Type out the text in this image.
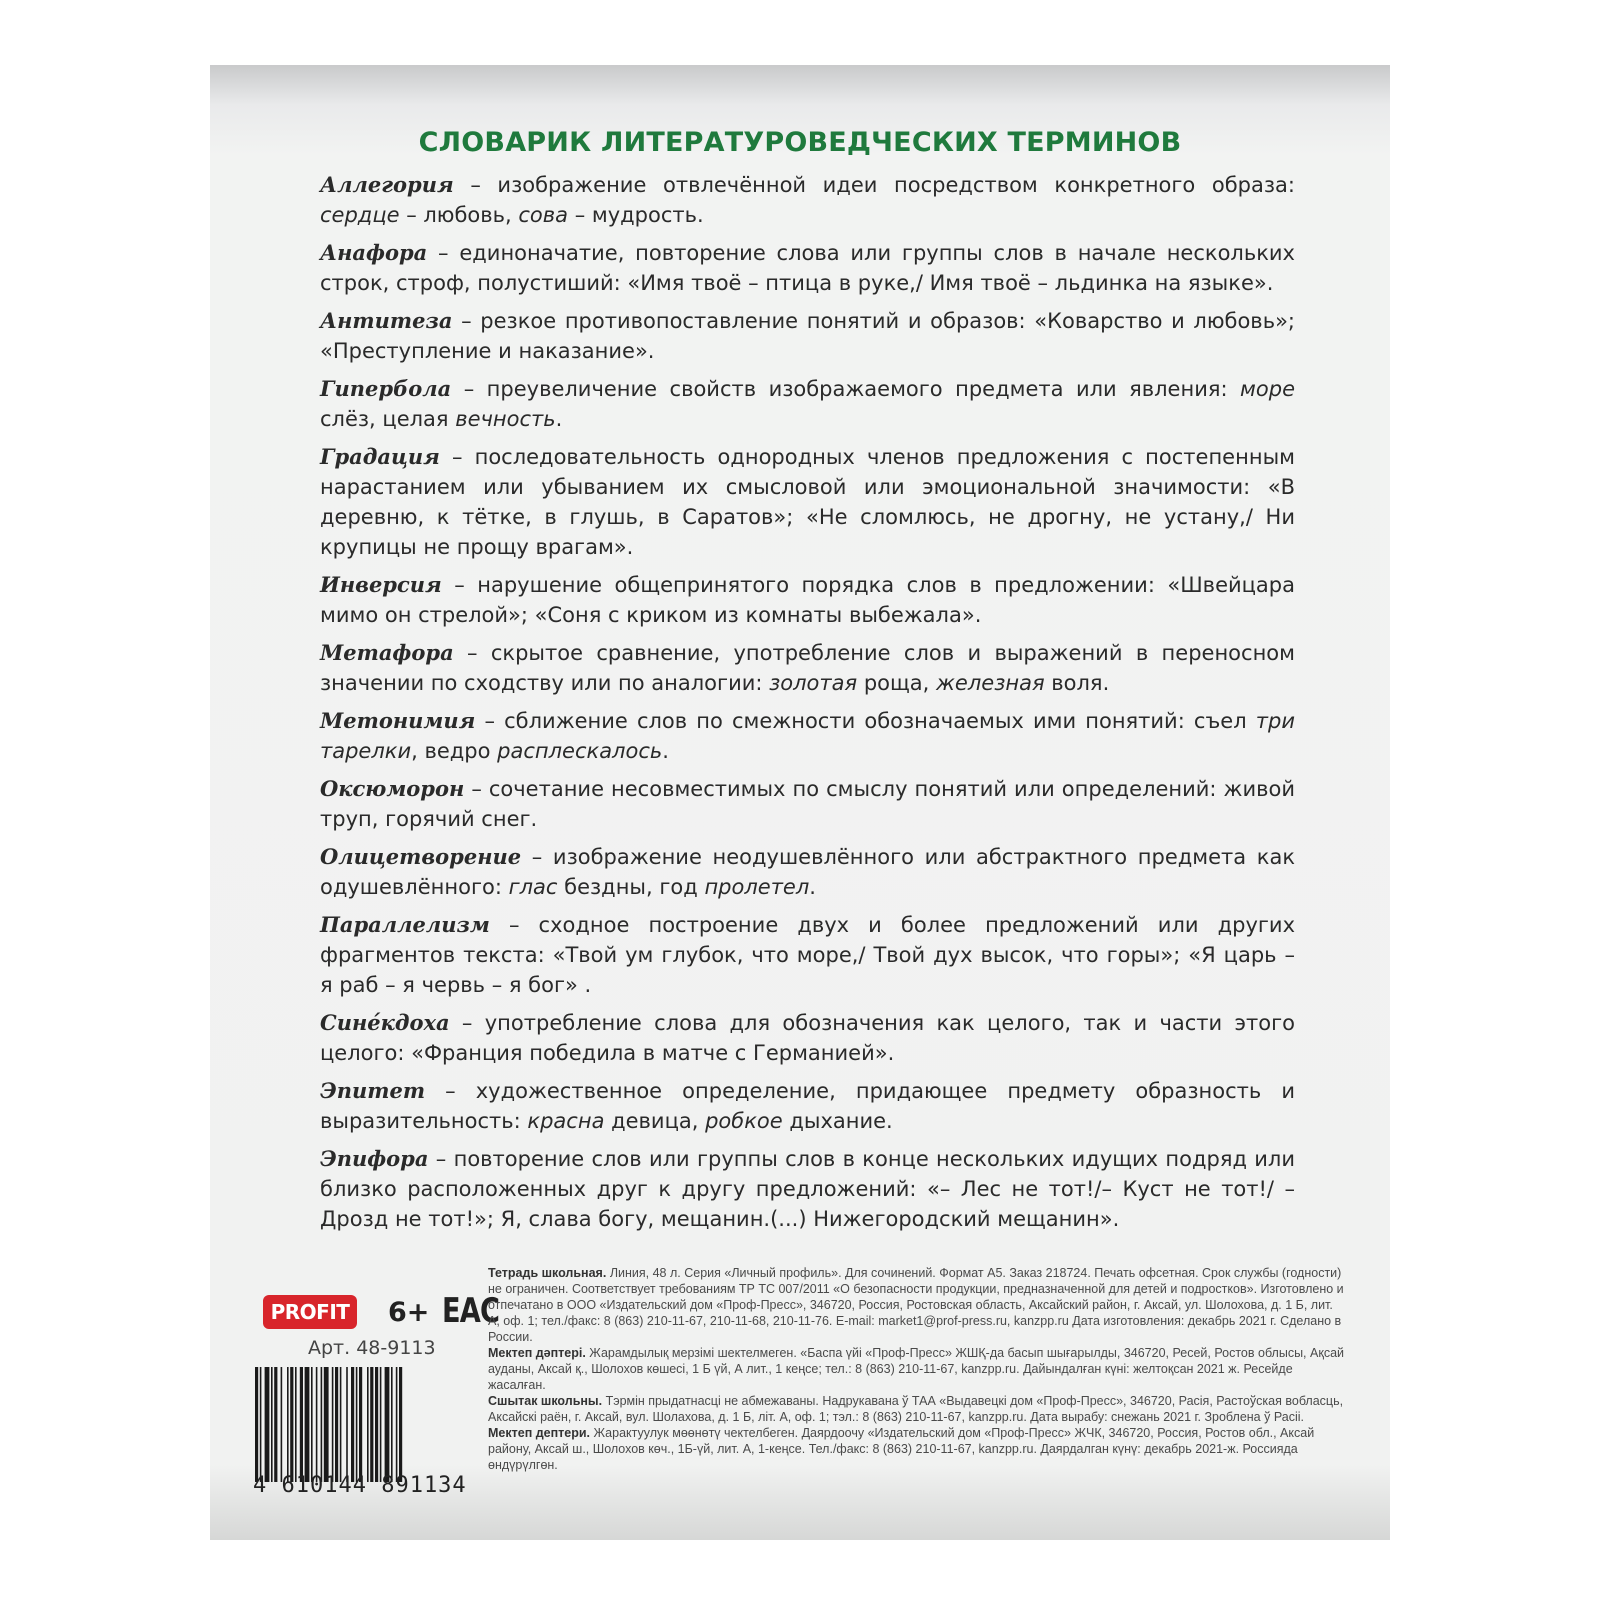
СЛОВАРИК ЛИТЕРАТУРОВЕДЧЕСКИХ ТЕРМИНОВ

Аллегория – изображение отвлечённой идеи посредством конкретного образа: сердце – любовь, сова – мудрость.

Анафора – единоначатие, повторение слова или группы слов в начале нескольких строк, строф, полустиший: «Имя твоё – птица в руке,/ Имя твоё – льдинка на языке».

Антитеза – резкое противопоставление понятий и образов: «Коварство и любовь»; «Преступление и наказание».

Гипербола – преувеличение свойств изображаемого предмета или явления: море слёз, целая вечность.

Градация – последовательность однородных членов предложения с постепенным нарастанием или убыванием их смысловой или эмоциональной значимости: «В деревню, к тётке, в глушь, в Саратов»; «Не сломлюсь, не дрогну, не устану,/ Ни крупицы не прощу врагам».

Инверсия – нарушение общепринятого порядка слов в предложении: «Швейцара мимо он стрелой»; «Соня с криком из комнаты выбежала».

Метафора – скрытое сравнение, употребление слов и выражений в переносном значении по сходству или по аналогии: золотая роща, железная воля.

Метонимия – сближение слов по смежности обозначаемых ими понятий: съел три тарелки, ведро расплескалось.

Оксюморон – сочетание несовместимых по смыслу понятий или определений: живой труп, горячий снег.

Олицетворение – изображение неодушевлённого или абстрактного предмета как одушевлённого: глас бездны, год пролетел.

Параллелизм – сходное построение двух и более предложений или других фрагментов текста: «Твой ум глубок, что море,/ Твой дух высок, что горы»; «Я царь – я раб – я червь – я бог» .

Сине́кдоха – употребление слова для обозначения как целого, так и части этого целого: «Франция победила в матче с Германией».

Эпитет – художественное определение, придающее предмету образность и выразительность: красна девица, робкое дыхание.

Эпифора – повторение слов или группы слов в конце нескольких идущих подряд или близко расположенных друг к другу предложений: «– Лес не тот!/– Куст не тот!/ – Дрозд не тот!»; Я, слава богу, мещанин.(...) Нижегородский мещанин».

PROFIT 6+ EAC
Арт. 48-9113
4 610144 891134

Тетрадь школьная. Линия, 48 л. Серия «Личный профиль». Для сочинений. Формат А5. Заказ 218724. Печать офсетная. Срок службы (годности) не ограничен. Соответствует требованиям ТР ТС 007/2011 «О безопасности продукции, предназначенной для детей и подростков». Изготовлено и отпечатано в ООО «Издательский дом «Проф-Пресс», 346720, Россия, Ростовская область, Аксайский район, г. Аксай, ул. Шолохова, д. 1 Б, лит. А, оф. 1; тел./факс: 8 (863) 210-11-67, 210-11-68, 210-11-76. E-mail: market1@prof-press.ru, kanzpp.ru Дата изготовления: декабрь 2021 г. Сделано в России.

Мектеп дәптері. Жарамдылық мерзімі шектелмеген. «Баспа үйі «Проф-Пресс» ЖШҚ-да басып шығарылды, 346720, Ресей, Ростов облысы, Ақсай ауданы, Аксай қ., Шолохов көшесі, 1 Б үй, А лит., 1 кеңсе; тел.: 8 (863) 210-11-67, kanzpp.ru. Дайындалған күні: желтоқсан 2021 ж. Ресейде жасалған.

Сшытак школьны. Тэрмін прыдатнасці не абмежаваны. Надрукавана ў ТАА «Выдавецкі дом «Проф-Пресс», 346720, Расія, Растоўская вобласць, Аксайскі раён, г. Аксай, вул. Шолахова, д. 1 Б, літ. А, оф. 1; тэл.: 8 (863) 210-11-67, kanzpp.ru. Дата вырабу: снежань 2021 г. Зроблена ў Расіі.

Мектеп дептери. Жарактуулук мөөнөтү чектелбеген. Даярдоочу «Издательский дом «Проф-Пресс» ЖЧК, 346720, Россия, Ростов обл., Аксай району, Аксай ш., Шолохов көч., 1Б-үй, лит. А, 1-кеңсе. Тел./факс: 8 (863) 210-11-67, kanzpp.ru. Даярдалган күнү: декабрь 2021-ж. Россияда өндүрүлгөн.
